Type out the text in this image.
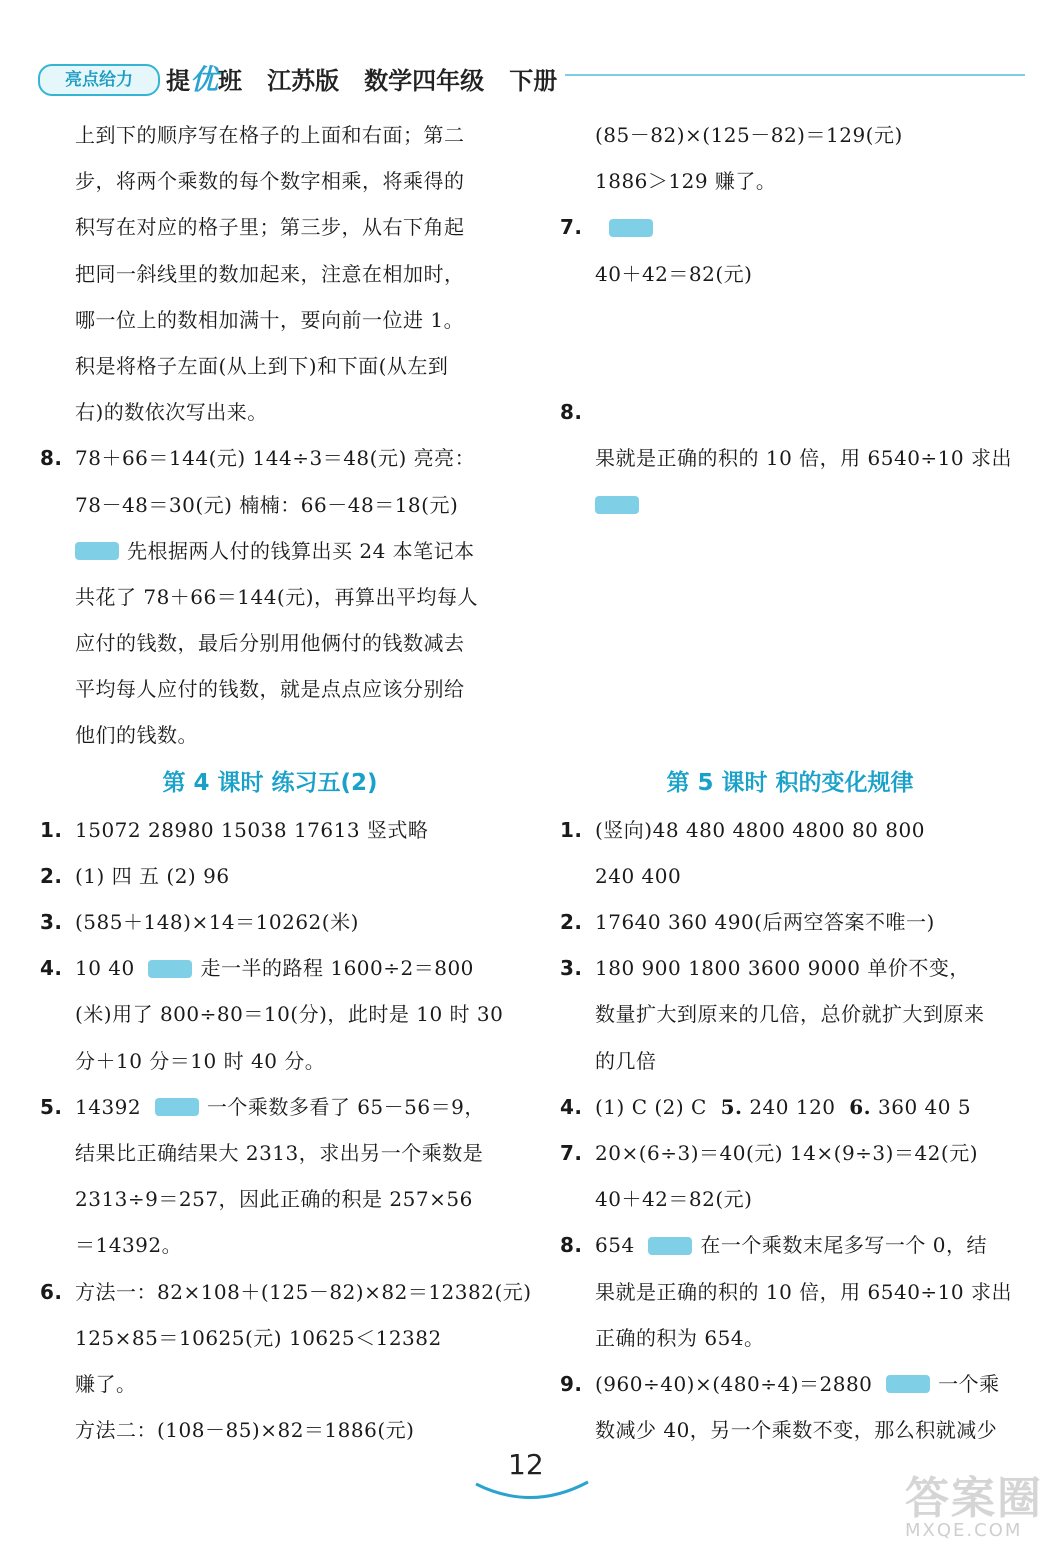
亮点给力	提优班 江苏版 数学四年级 下册
上到下的顺序写在格子的上面和右面；第二
步，将两个乘数的每个数字相乘，将乘得的
积写在对应的格子里；第三步，从右下角起
把同一斜线里的数加起来，注意在相加时，
哪一位上的数相加满十，要向前一位进 1。
积是将格子左面(从上到下)和下面(从左到
右)的数依次写出来。
8. 78＋66＝144(元) 144÷3＝48(元) 亮亮：
78－48＝30(元) 楠楠：66－48＝18(元)
先根据两人付的钱算出买 24 本笔记本
共花了 78＋66＝144(元)，再算出平均每人
应付的钱数，最后分别用他俩付的钱数减去
平均每人应付的钱数，就是点点应该分别给
他们的钱数。
第 4 课时 练习五(2)
1. 15072 28980 15038 17613 竖式略
2. (1) 四 五 (2) 96
3. (585＋148)×14＝10262(米)
4. 10 40	走一半的路程 1600÷2＝800
(米)用了 800÷80＝10(分)，此时是 10 时 30
分＋10 分＝10 时 40 分。
5. 14392	一个乘数多看了 65－56＝9，
结果比正确结果大 2313，求出另一个乘数是
2313÷9＝257，因此正确的积是 257×56
＝14392。
6. 方法一：82×108＋(125－82)×82＝12382(元)
125×85＝10625(元) 10625＜12382
赚了。
方法二：(108－85)×82＝1886(元)
(85－82)×(125－82)＝129(元)
1886＞129 赚了。
7.
40＋42＝82(元)
8.
果就是正确的积的 10 倍，用 6540÷10 求出
第 5 课时 积的变化规律
1. (竖向)48 480 4800 4800 80 800
240 400
2. 17640 360 490(后两空答案不唯一)
3. 180 900 1800 3600 9000 单价不变，
数量扩大到原来的几倍，总价就扩大到原来
的几倍
4. (1) C (2) C 5. 240 120 6. 360 40 5
7. 20×(6÷3)＝40(元) 14×(9÷3)＝42(元)
40＋42＝82(元)
8. 654	在一个乘数末尾多写一个 0，结
果就是正确的积的 10 倍，用 6540÷10 求出
正确的积为 654。
9. (960÷40)×(480÷4)＝2880	一个乘
数减少 40，另一个乘数不变，那么积就减少
12
答案圈
MXQE.COM
